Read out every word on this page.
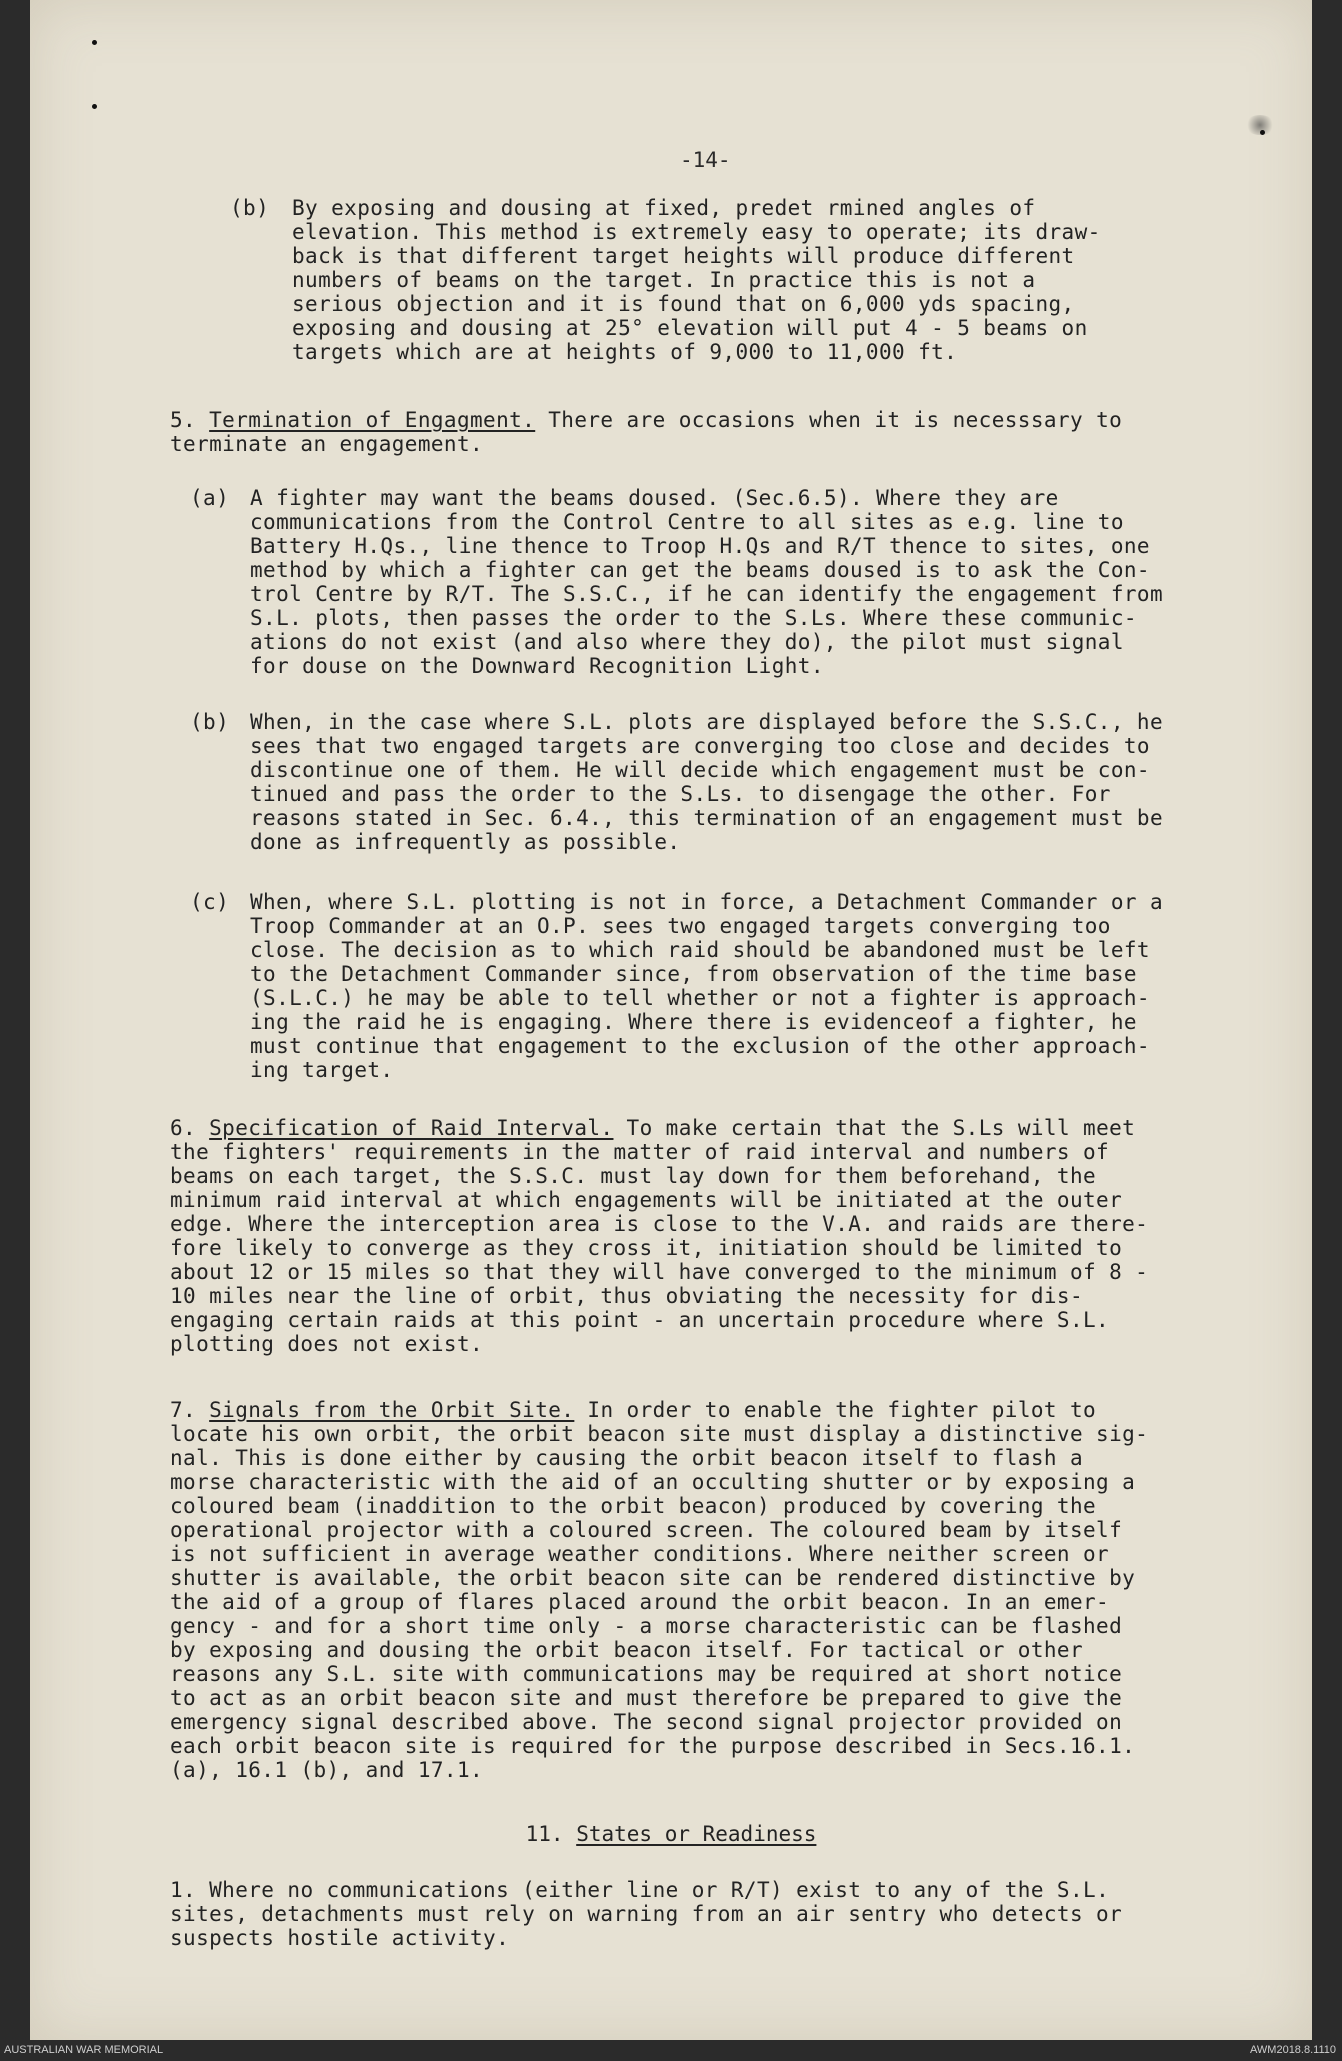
-14-
(b) By exposing and dousing at fixed, predet rmined angles of
elevation. This method is extremely easy to operate; its draw-
back is that different target heights will produce different
numbers of beams on the target. In practice this is not a
serious objection and it is found that on 6,000 yds spacing,
exposing and dousing at 25° elevation will put 4 - 5 beams on
targets which are at heights of 9,000 to 11,000 ft.
5. Termination of Engagment. There are occasions when it is necesssary to
terminate an engagement.
(a) A fighter may want the beams doused. (Sec.6.5). Where they are
communications from the Control Centre to all sites as e.g. line to
Battery H.Qs., line thence to Troop H.Qs and R/T thence to sites, one
method by which a fighter can get the beams doused is to ask the Con-
trol Centre by R/T. The S.S.C., if he can identify the engagement from
S.L. plots, then passes the order to the S.Ls. Where these communic-
ations do not exist (and also where they do), the pilot must signal
for douse on the Downward Recognition Light.
(b) When, in the case where S.L. plots are displayed before the S.S.C., he
sees that two engaged targets are converging too close and decides to
discontinue one of them. He will decide which engagement must be con-
tinued and pass the order to the S.Ls. to disengage the other. For
reasons stated in Sec. 6.4., this termination of an engagement must be
done as infrequently as possible.
(c) When, where S.L. plotting is not in force, a Detachment Commander or a
Troop Commander at an O.P. sees two engaged targets converging too
close. The decision as to which raid should be abandoned must be left
to the Detachment Commander since, from observation of the time base
(S.L.C.) he may be able to tell whether or not a fighter is approach-
ing the raid he is engaging. Where there is evidenceof a fighter, he
must continue that engagement to the exclusion of the other approach-
ing target.
6. Specification of Raid Interval. To make certain that the S.Ls will meet
the fighters' requirements in the matter of raid interval and numbers of
beams on each target, the S.S.C. must lay down for them beforehand, the
minimum raid interval at which engagements will be initiated at the outer
edge. Where the interception area is close to the V.A. and raids are there-
fore likely to converge as they cross it, initiation should be limited to
about 12 or 15 miles so that they will have converged to the minimum of 8 -
10 miles near the line of orbit, thus obviating the necessity for dis-
engaging certain raids at this point - an uncertain procedure where S.L.
plotting does not exist.
7. Signals from the Orbit Site. In order to enable the fighter pilot to
locate his own orbit, the orbit beacon site must display a distinctive sig-
nal. This is done either by causing the orbit beacon itself to flash a
morse characteristic with the aid of an occulting shutter or by exposing a
coloured beam (inaddition to the orbit beacon) produced by covering the
operational projector with a coloured screen. The coloured beam by itself
is not sufficient in average weather conditions. Where neither screen or
shutter is available, the orbit beacon site can be rendered distinctive by
the aid of a group of flares placed around the orbit beacon. In an emer-
gency - and for a short time only - a morse characteristic can be flashed
by exposing and dousing the orbit beacon itself. For tactical or other
reasons any S.L. site with communications may be required at short notice
to act as an orbit beacon site and must therefore be prepared to give the
emergency signal described above. The second signal projector provided on
each orbit beacon site is required for the purpose described in Secs.16.1.
(a), 16.1 (b), and 17.1.
11. States or Readiness
1. Where no communications (either line or R/T) exist to any of the S.L.
sites, detachments must rely on warning from an air sentry who detects or
suspects hostile activity.
AUSTRALIAN WAR MEMORIAL	AWM2018.8.1110
